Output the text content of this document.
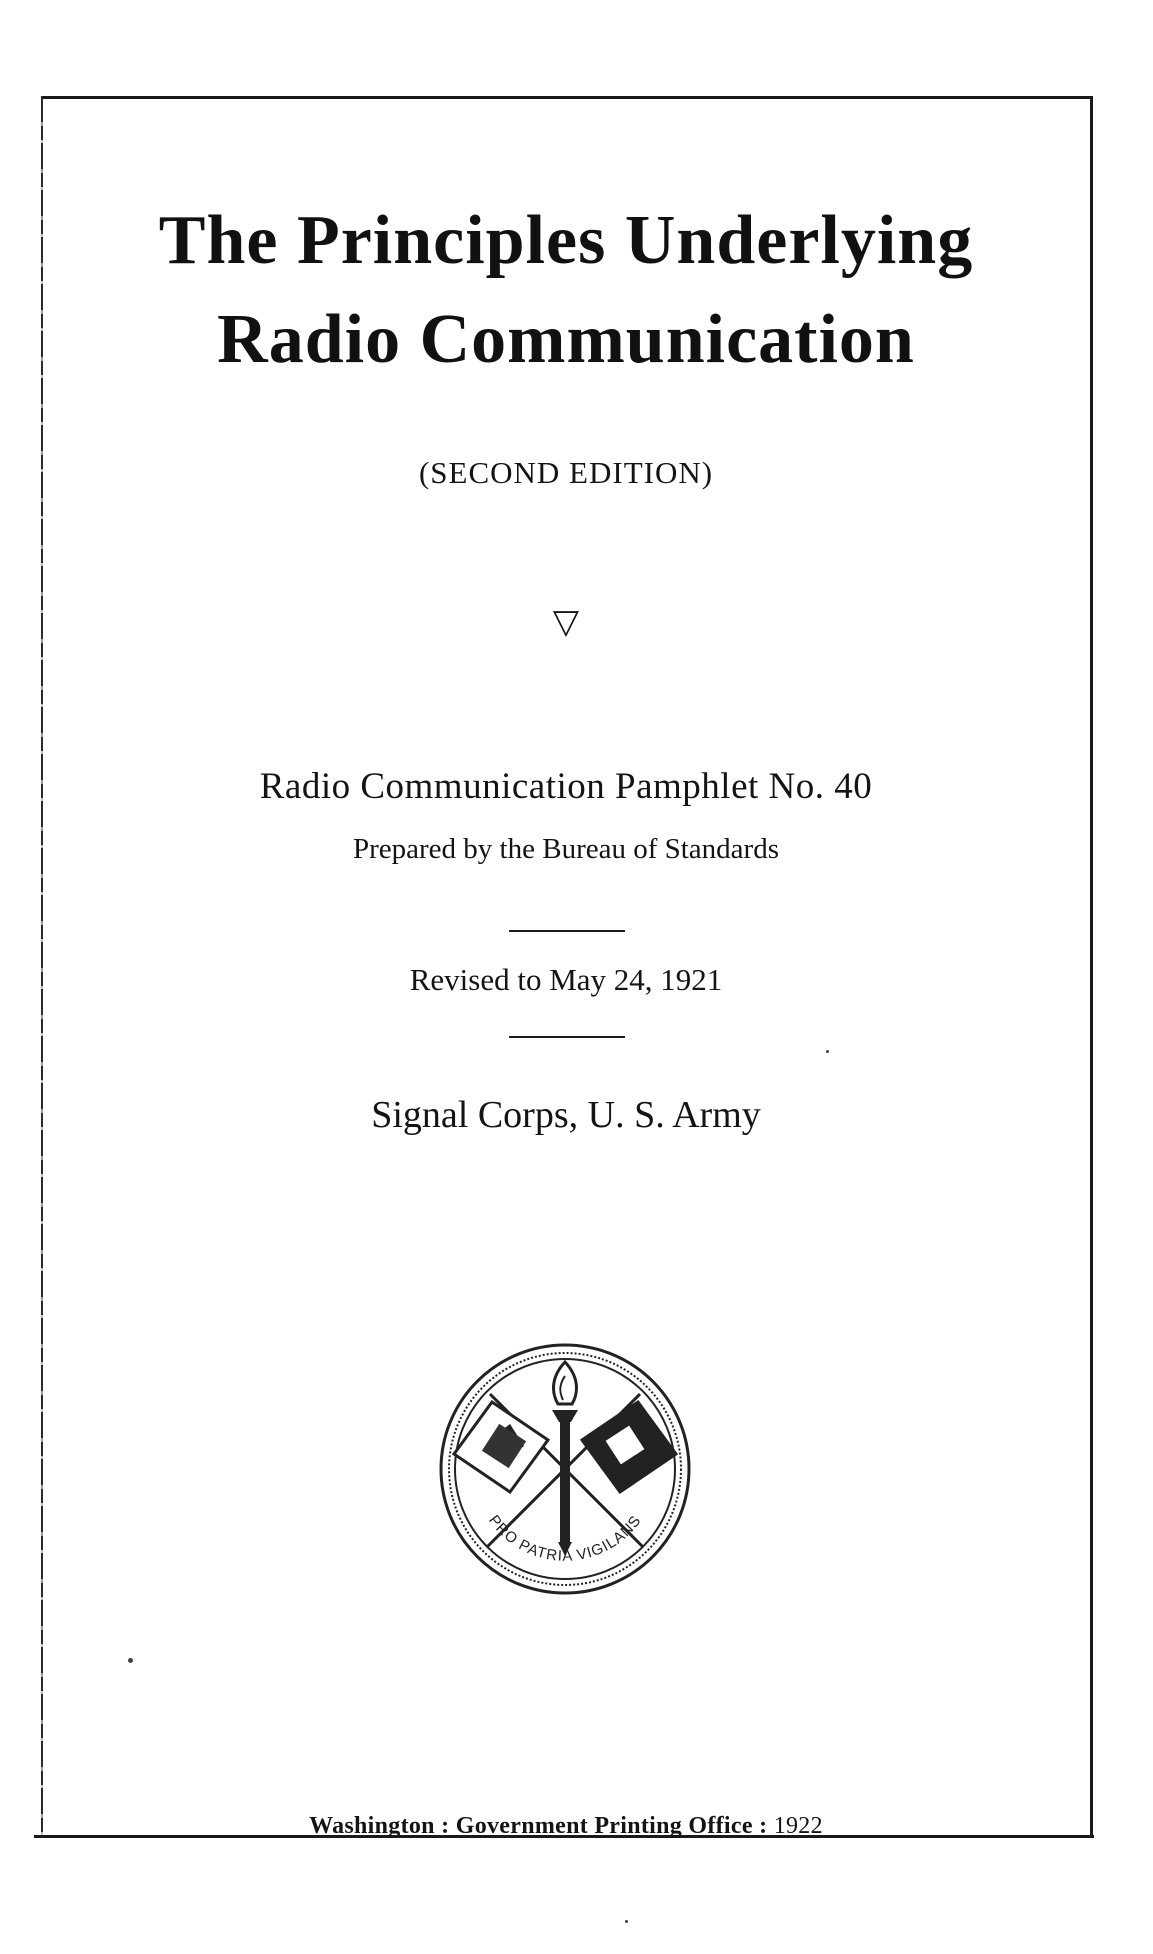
The Principles Underlying
Radio Communication
(SECOND EDITION)
▽
Radio Communication Pamphlet No. 40
Prepared by the Bureau of Standards
Revised to May 24, 1921
Signal Corps, U. S. Army
PRO PATRIA VIGILANS
Washington : Government Printing Office : 1922
